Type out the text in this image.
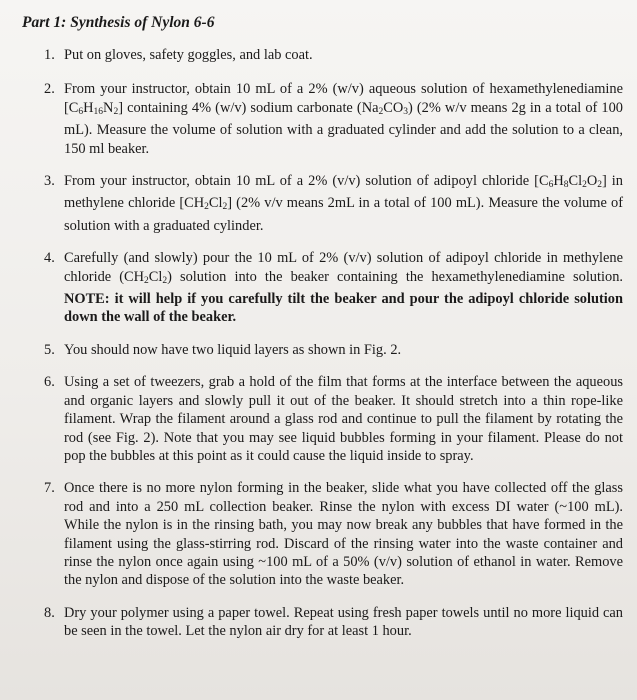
Part 1: Synthesis of Nylon 6-6
1. Put on gloves, safety goggles, and lab coat.
2. From your instructor, obtain 10 mL of a 2% (w/v) aqueous solution of hexamethylenediamine $[C_6H_{16}N_2]$ containing 4% (w/v) sodium carbonate $(Na_2CO_3)$ (2% w/v means 2g in a total of 100 mL). Measure the volume of solution with a graduated cylinder and add the solution to a clean, 150 ml beaker.
3. From your instructor, obtain 10 mL of a 2% (v/v) solution of adipoyl chloride $[C_6H_8Cl_2O_2]$ in methylene chloride $[CH_2Cl_2]$ (2% v/v means 2mL in a total of 100 mL). Measure the volume of solution with a graduated cylinder.
4. Carefully (and slowly) pour the 10 mL of 2% (v/v) solution of adipoyl chloride in methylene chloride $(CH_2Cl_2)$ solution into the beaker containing the hexamethylenediamine solution. NOTE: it will help if you carefully tilt the beaker and pour the adipoyl chloride solution down the wall of the beaker.
5. You should now have two liquid layers as shown in Fig. 2.
6. Using a set of tweezers, grab a hold of the film that forms at the interface between the aqueous and organic layers and slowly pull it out of the beaker. It should stretch into a thin rope-like filament. Wrap the filament around a glass rod and continue to pull the filament by rotating the rod (see Fig. 2). Note that you may see liquid bubbles forming in your filament. Please do not pop the bubbles at this point as it could cause the liquid inside to spray.
7. Once there is no more nylon forming in the beaker, slide what you have collected off the glass rod and into a 250 mL collection beaker. Rinse the nylon with excess DI water (~100 mL). While the nylon is in the rinsing bath, you may now break any bubbles that have formed in the filament using the glass-stirring rod. Discard of the rinsing water into the waste container and rinse the nylon once again using ~100 mL of a 50% (v/v) solution of ethanol in water. Remove the nylon and dispose of the solution into the waste beaker.
8. Dry your polymer using a paper towel. Repeat using fresh paper towels until no more liquid can be seen in the towel. Let the nylon air dry for at least 1 hour.
